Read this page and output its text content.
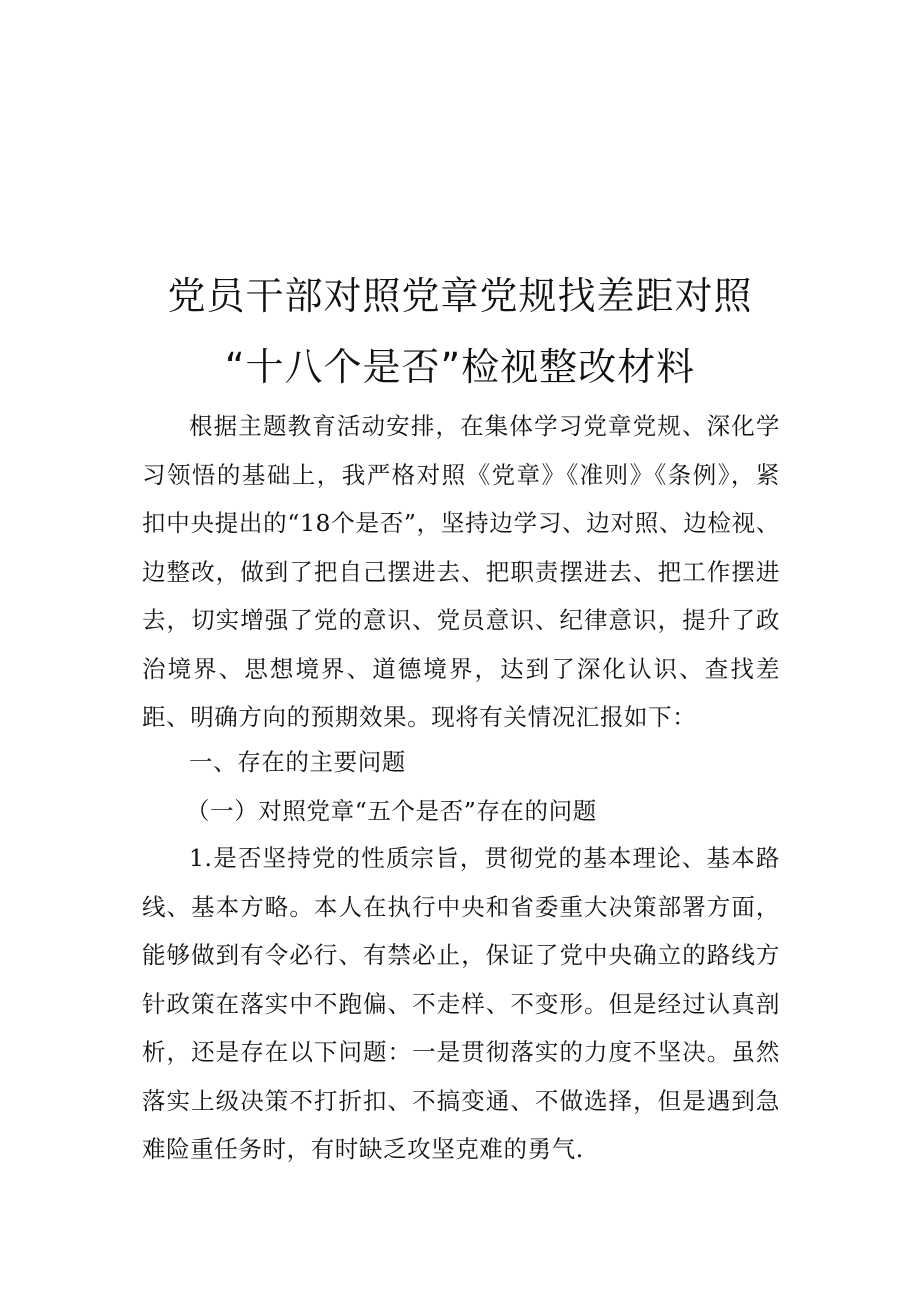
党员干部对照党章党规找差距对照
“十八个是否”检视整改材料

根据主题教育活动安排，在集体学习党章党规、深化学习领悟的基础上，我严格对照《党章》《准则》《条例》，紧扣中央提出的“18个是否”，坚持边学习、边对照、边检视、边整改，做到了把自己摆进去、把职责摆进去、把工作摆进去，切实增强了党的意识、党员意识、纪律意识，提升了政治境界、思想境界、道德境界，达到了深化认识、查找差距、明确方向的预期效果。现将有关情况汇报如下：

一、存在的主要问题

（一）对照党章“五个是否”存在的问题

1.是否坚持党的性质宗旨，贯彻党的基本理论、基本路线、基本方略。本人在执行中央和省委重大决策部署方面，能够做到有令必行、有禁必止，保证了党中央确立的路线方针政策在落实中不跑偏、不走样、不变形。但是经过认真剖析，还是存在以下问题：一是贯彻落实的力度不坚决。虽然落实上级决策不打折扣、不搞变通、不做选择，但是遇到急难险重任务时，有时缺乏攻坚克难的勇气.
